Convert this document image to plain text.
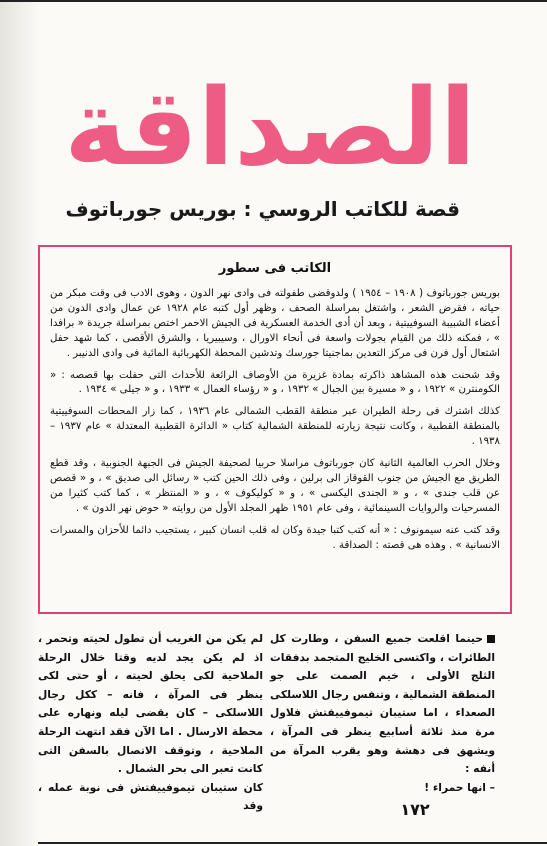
الصداقة
قصة للكاتب الروسي : بوريس جورباتوف
الكاتب فى سطور

بوريس جورباتوف ( ١٩٠٨ – ١٩٥٤ ) ولدوقضى طفولته فى وادى نهر الدون ، وهوى الادب فى وقت مبكر من حياته ، فقرض الشعر ، واشتغل بمراسلة الصحف ، وظهر أول كتبه عام ١٩٢٨ عن عمال وادى الدون من أعضاء الشبيبة السوفييتية ، وبعد أن أدى الخدمة العسكرية فى الجيش الاحمر اختص بمراسلة جريدة « برافدا » ، فمكنه ذلك من القيام بجولات واسعة فى أنحاء الاورال ، وسيبيريا ، والشرق الأقصى ، كما شهد حفل اشتعال أول فرن فى مركز التعدين بماجنيتا جورسك وتدشين المحطة الكهربائية المائية فى وادى الدنيبر .

وقد شحنت هذه المشاهد ذاكرته بمادة غزيرة من الأوصاف الرائعة للأحداث التى حفلت بها قصصه : « الكومنترن » ١٩٢٢ ، و « مسيرة بين الجبال » ١٩٣٢ ، و « رؤساء العمال » ١٩٣٣ ، و « جيلى » ١٩٣٤ .

كذلك اشترك فى رحلة الطيران عبر منطقة القطب الشمالى عام ١٩٣٦ ، كما زار المحطات السوفييتية بالمنطقة القطبية ، وكانت نتيجة زيارته للمنطقة الشمالية كتاب « الدائرة القطبية المعتدلة » عام ١٩٣٧ – ١٩٣٨ .

وخلال الحرب العالمية الثانية كان جورباتوف مراسلا حربيا لصحيفة الجيش فى الجبهة الجنوبية ، وقد قطع الطريق مع الجيش من جنوب القوقاز الى برلين ، وفى ذلك الحين كتب « رسائل الى صديق » ، و « قصص عن قلب جندى » ، و « الجندى اليكسى » ، و « كوليكوف » ، و « المنتظر » ، كما كتب كثيرا من المسرحيات والروايات السينمائية ، وفى عام ١٩٥١ ظهر المجلد الأول من روايته « حوض نهر الدون » .

وقد كتب عنه سيمونوف : « أنه كتب كتبا جيدة وكان له قلب انسان كبير ، يستجيب دائما للأحزان والمسرات الانسانية » . وهذه هى قصته : الصداقة .

حينما اقلعت جميع السفن ، وطارت كل الطائرات ، واكتسى الخليج المتجمد بدفقات الثلج الأولى ، خيم الصمت على جو المنطقة الشمالية ، وتنفس رجال اللاسلكى الصعداء ، اما ستيبان تيموفييفتش فلاول مرة منذ ثلاثة أسابيع ينظر فى المرآة ، ويشهق فى دهشة وهو يقرب المرآة من أنفه :

– انها حمراء !

لم يكن من الغريب أن تطول لحيته وتحمر ، اذ لم يكن يجد لديه وقتا خلال الرحلة الملاحية لكى يحلق لحيته ، أو حتى لكى ينظر فى المرآة ، فانه – ككل رجال اللاسلكى – كان يقضى ليله ونهاره على محطة الارسال . اما الآن فقد انتهت الرحلة الملاحية ، وتوقف الاتصال بالسفن التى كانت تعبر الى بحر الشمال .

كان ستيبان تيموفييفتش فى نوبة عمله ، وقد	١٧٢
